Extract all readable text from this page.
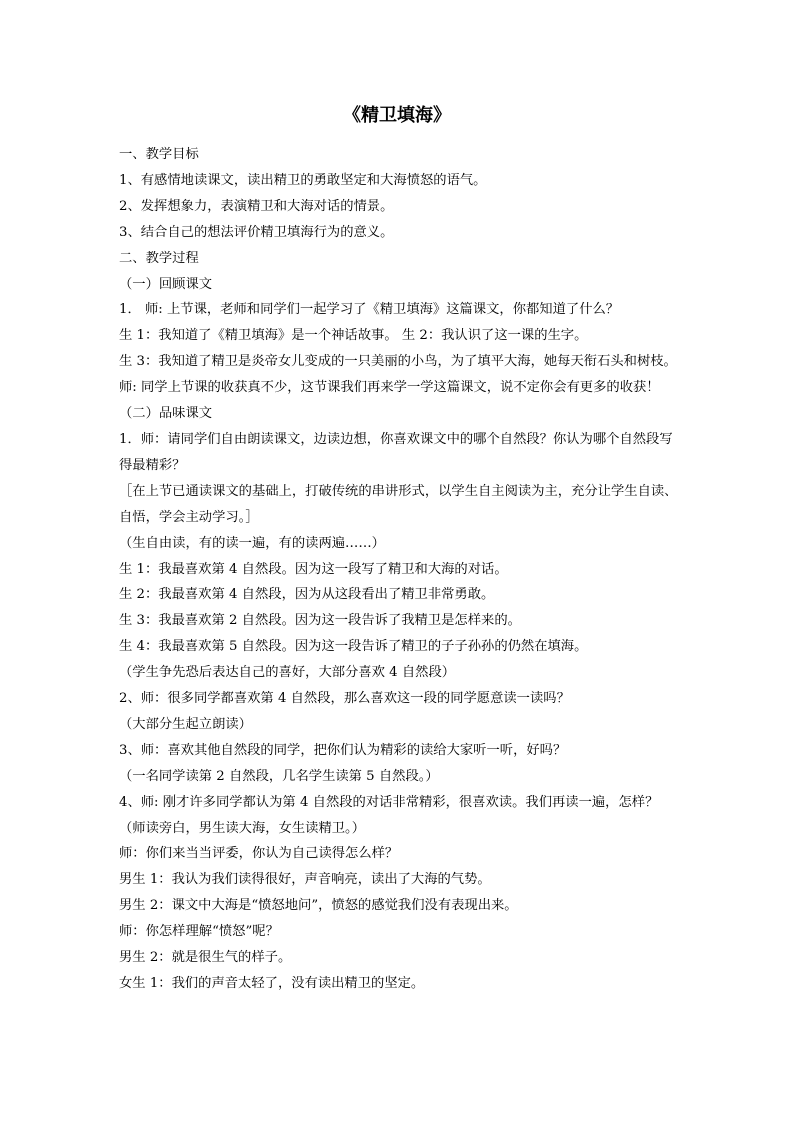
《精卫填海》

一、教学目标

1、有感情地读课文，读出精卫的勇敢坚定和大海愤怒的语气。

2、发挥想象力，表演精卫和大海对话的情景。

3、结合自己的想法评价精卫填海行为的意义。

二、教学过程

（一）回顾课文

1． 师: 上节课，老师和同学们一起学习了《精卫填海》这篇课文，你都知道了什么？

生 1：我知道了《精卫填海》是一个神话故事。 生 2：我认识了这一课的生字。

生 3：我知道了精卫是炎帝女儿变成的一只美丽的小鸟，为了填平大海，她每天衔石头和树枝。 师: 同学上节课的收获真不少，这节课我们再来学一学这篇课文，说不定你会有更多的收获！ （二）品味课文

1．师：请同学们自由朗读课文，边读边想，你喜欢课文中的哪个自然段？你认为哪个自然段写得最精彩？

［在上节已通读课文的基础上，打破传统的串讲形式，以学生自主阅读为主，充分让学生自读、自悟，学会主动学习。］

（生自由读，有的读一遍，有的读两遍……）

生 1：我最喜欢第 4 自然段。因为这一段写了精卫和大海的对话。

生 2：我最喜欢第 4 自然段，因为从这段看出了精卫非常勇敢。

生 3：我最喜欢第 2 自然段。因为这一段告诉了我精卫是怎样来的。

生 4：我最喜欢第 5 自然段。因为这一段告诉了精卫的子子孙孙的仍然在填海。

（学生争先恐后表达自己的喜好，大部分喜欢 4 自然段）

2、师：很多同学都喜欢第 4 自然段，那么喜欢这一段的同学愿意读一读吗？

（大部分生起立朗读）

3、师：喜欢其他自然段的同学，把你们认为精彩的读给大家听一听，好吗？

（一名同学读第 2 自然段，几名学生读第 5 自然段。）

4、师: 刚才许多同学都认为第 4 自然段的对话非常精彩，很喜欢读。我们再读一遍，怎样？

（师读旁白，男生读大海，女生读精卫。）

师：你们来当当评委，你认为自己读得怎么样？

男生 1：我认为我们读得很好，声音响亮，读出了大海的气势。

男生 2：课文中大海是“愤怒地问”，愤怒的感觉我们没有表现出来。

师：你怎样理解“愤怒”呢？

男生 2：就是很生气的样子。

女生 1：我们的声音太轻了，没有读出精卫的坚定。
